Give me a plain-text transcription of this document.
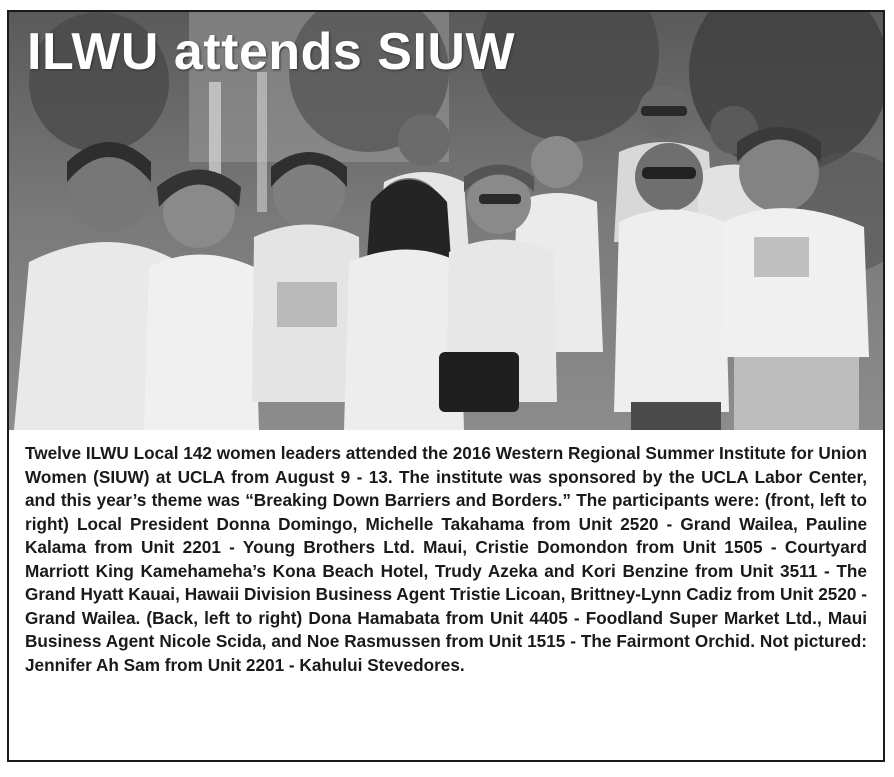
ILWU attends SIUW

Twelve ILWU Local 142 women leaders attended the 2016 Western Regional Summer Institute for Union Women (SIUW) at UCLA from August 9 - 13. The institute was sponsored by the UCLA Labor Center, and this year’s theme was “Breaking Down Barriers and Borders.” The participants were: (front, left to right) Local President Donna Domingo, Michelle Takahama from Unit 2520 - Grand Wailea, Pauline Kalama from Unit 2201 - Young Brothers Ltd. Maui, Cristie Domondon from Unit 1505 - Courtyard Marriott King Kamehameha’s Kona Beach Hotel, Trudy Azeka and Kori Benzine from Unit 3511 - The Grand Hyatt Kauai, Hawaii Division Business Agent Tristie Licoan, Brittney-Lynn Cadiz from Unit 2520 - Grand Wailea. (Back, left to right) Dona Hamabata from Unit 4405 - Foodland Super Market Ltd., Maui Business Agent Nicole Scida, and Noe Rasmussen from Unit 1515 - The Fairmont Orchid. Not pictured: Jennifer Ah Sam from Unit 2201 - Kahului Stevedores.
